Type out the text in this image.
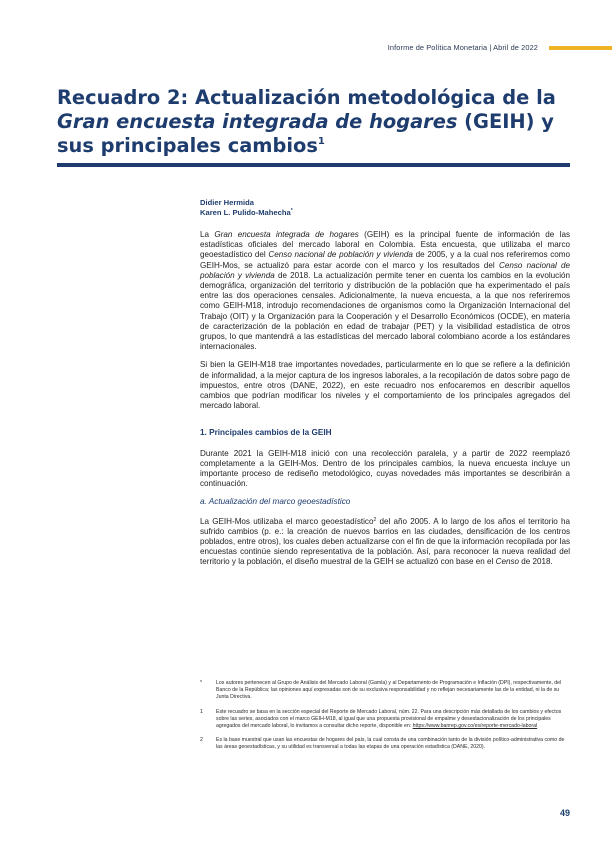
Informe de Política Monetaria | Abril de 2022
Recuadro 2: Actualización metodológica de la Gran encuesta integrada de hogares (GEIH) y sus principales cambios$^1$
Didier Hermida
Karen L. Pulido-Mahecha*

La Gran encuesta integrada de hogares (GEIH) es la principal fuente de información de las estadísticas oficiales del mercado laboral en Colombia. Esta encuesta, que utilizaba el marco geoestadístico del Censo nacional de población y vivienda de 2005, y a la cual nos referiremos como GEIH-Mos, se actualizó para estar acorde con el marco y los resultados del Censo nacional de población y vivienda de 2018. La actualización permite tener en cuenta los cambios en la evolución demográfica, organización del territorio y distribución de la población que ha experimentado el país entre las dos operaciones censales. Adicionalmente, la nueva encuesta, a la que nos referiremos como GEIH-M18, introdujo recomendaciones de organismos como la Organización Internacional del Trabajo (OIT) y la Organización para la Cooperación y el Desarrollo Económicos (OCDE), en materia de caracterización de la población en edad de trabajar (PET) y la visibilidad estadística de otros grupos, lo que mantendrá a las estadísticas del mercado laboral colombiano acorde a los estándares internacionales.

Si bien la GEIH-M18 trae importantes novedades, particularmente en lo que se refiere a la definición de informalidad, a la mejor captura de los ingresos laborales, a la recopilación de datos sobre pago de impuestos, entre otros (DANE, 2022), en este recuadro nos enfocaremos en describir aquellos cambios que podrían modificar los niveles y el comportamiento de los principales agregados del mercado laboral.

1. Principales cambios de la GEIH

Durante 2021 la GEIH-M18 inició con una recolección paralela, y a partir de 2022 reemplazó completamente a la GEIH-Mos. Dentro de los principales cambios, la nueva encuesta incluye un importante proceso de rediseño metodológico, cuyas novedades más importantes se describirán a continuación.

a. Actualización del marco geoestadístico

La GEIH-Mos utilizaba el marco geoestadístico$^2$ del año 2005. A lo largo de los años el territorio ha sufrido cambios (p. e.: la creación de nuevos barrios en las ciudades, densificación de los centros poblados, entre otros), los cuales deben actualizarse con el fin de que la información recopilada por las encuestas continúe siendo representativa de la población. Así, para reconocer la nueva realidad del territorio y la población, el diseño muestral de la GEIH se actualizó con base en el Censo de 2018.

*	Los autores pertenecen al Grupo de Análisis del Mercado Laboral (Gamla) y al Departamento de Programación e Inflación (DPI), respectivamente, del Banco de la República; las opiniones aquí expresadas son de su exclusiva responsabilidad y no reflejan necesariamente las de la entidad, ni la de su Junta Directiva.
1	Este recuadro se basa en la sección especial del Reporte de Mercado Laboral, núm. 22. Para una descripción más detallada de los cambios y efectos sobre las series, asociados con el marco GEIH-M18, al igual que una propuesta provisional de empalme y desestacionalización de los principales agregados del mercado laboral, lo invitamos a consultar dicho reporte, disponible en: https://www.banrep.gov.co/es/reporte-mercado-laboral
2	Es la base muestral que usan las encuestas de hogares del país, la cual consta de una combinación tanto de la división político-administrativa como de las áreas geoestadísticas, y su utilidad es transversal a todas las etapas de una operación estadística (DANE, 2020).
49
